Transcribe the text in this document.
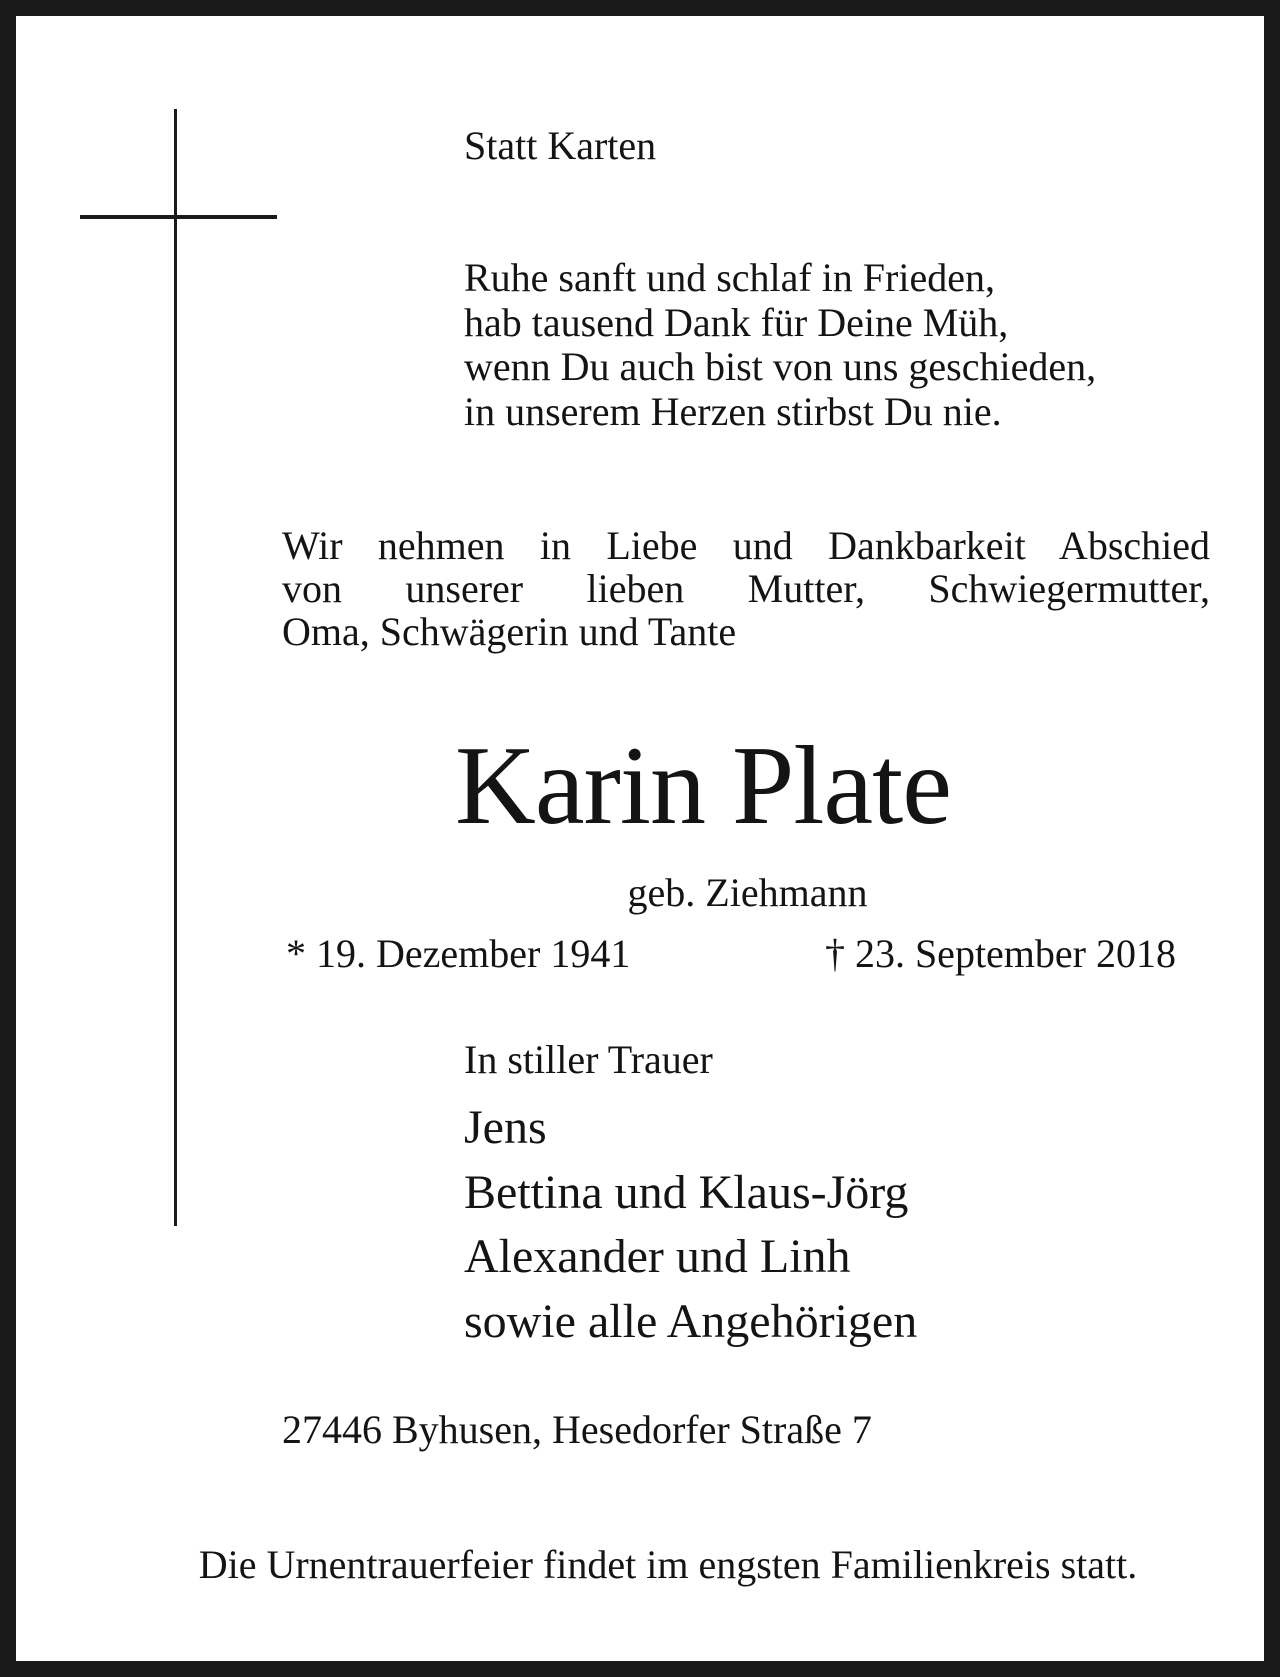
Statt Karten

Ruhe sanft und schlaf in Frieden,
hab tausend Dank für Deine Müh,
wenn Du auch bist von uns geschieden,
in unserem Herzen stirbst Du nie.
Wir nehmen in Liebe und Dankbarkeit Abschied
von unserer lieben Mutter, Schwiegermutter,
Oma, Schwägerin und Tante

Karin Plate

geb. Ziehmann

* 19. Dezember 1941	† 23. September 2018

In stiller Trauer

Jens
Bettina und Klaus-Jörg
Alexander und Linh
sowie alle Angehörigen

27446 Byhusen, Hesedorfer Straße 7

Die Urnentrauerfeier findet im engsten Familienkreis statt.
